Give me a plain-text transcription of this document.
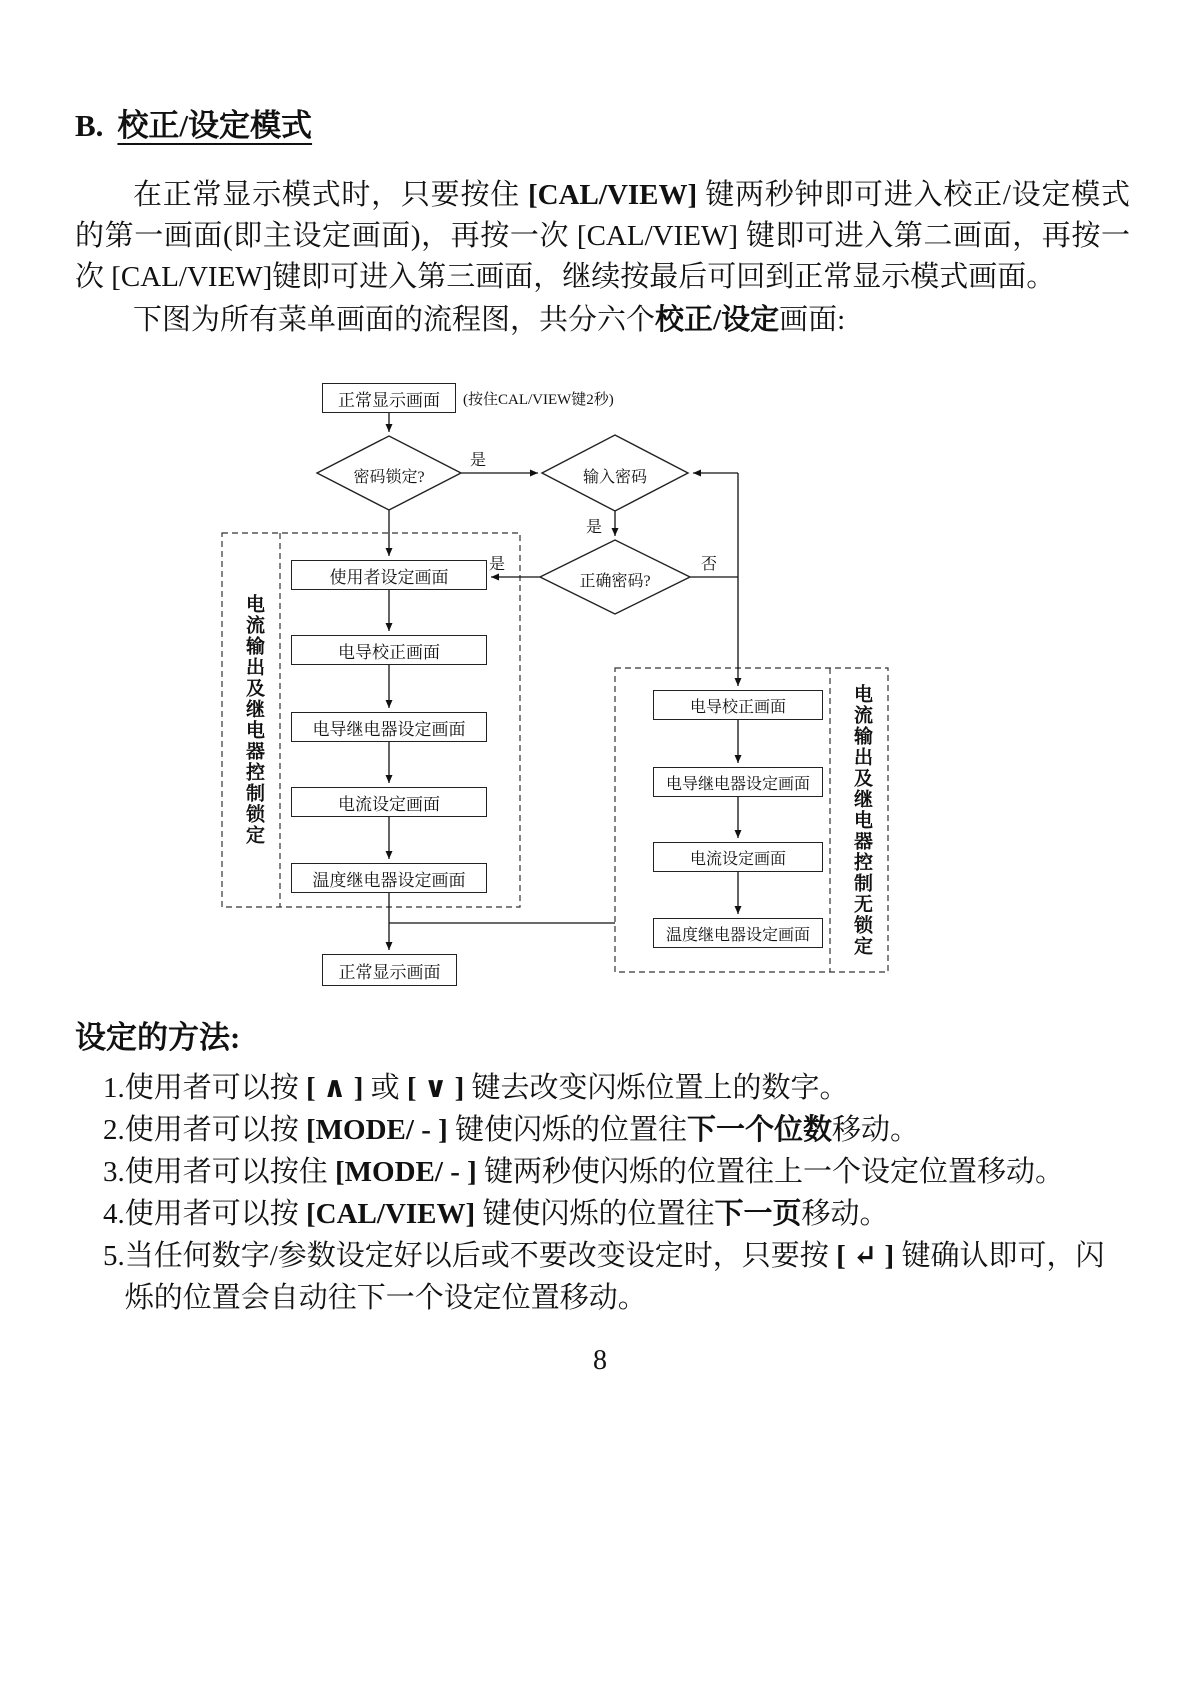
B. 校正/设定模式

在正常显示模式时，只要按住 [CAL/VIEW] 键两秒钟即可进入校正/设定模式的第一画面(即主设定画面)，再按一次 [CAL/VIEW] 键即可进入第二画面，再按一次 [CAL/VIEW]键即可进入第三画面，继续按最后可回到正常显示模式画面。

下图为所有菜单画面的流程图，共分六个校正/设定画面:

正常显示画面	(按住CAL/VIEW键2秒)
密码锁定?	输入密码
正确密码?
是
是
是	否
电流输出及继电器控制锁定	电流输出及继电器控制无锁定
使用者设定画面
电导校正画面
电导继电器设定画面
电流设定画面
温度继电器设定画面
电导校正画面
电导继电器设定画面
电流设定画面
温度继电器设定画面
正常显示画面
设定的方法:
1. 使用者可以按 [ ∧ ] 或 [ ∨ ] 键去改变闪烁位置上的数字。
2. 使用者可以按 [MODE/ - ] 键使闪烁的位置往下一个位数移动。
3. 使用者可以按住 [MODE/ - ] 键两秒使闪烁的位置往上一个设定位置移动。
4. 使用者可以按 [CAL/VIEW] 键使闪烁的位置往下一页移动。
5. 当任何数字/参数设定好以后或不要改变设定时，只要按 [ ↵ ] 键确认即可，闪烁的位置会自动往下一个设定位置移动。
8
